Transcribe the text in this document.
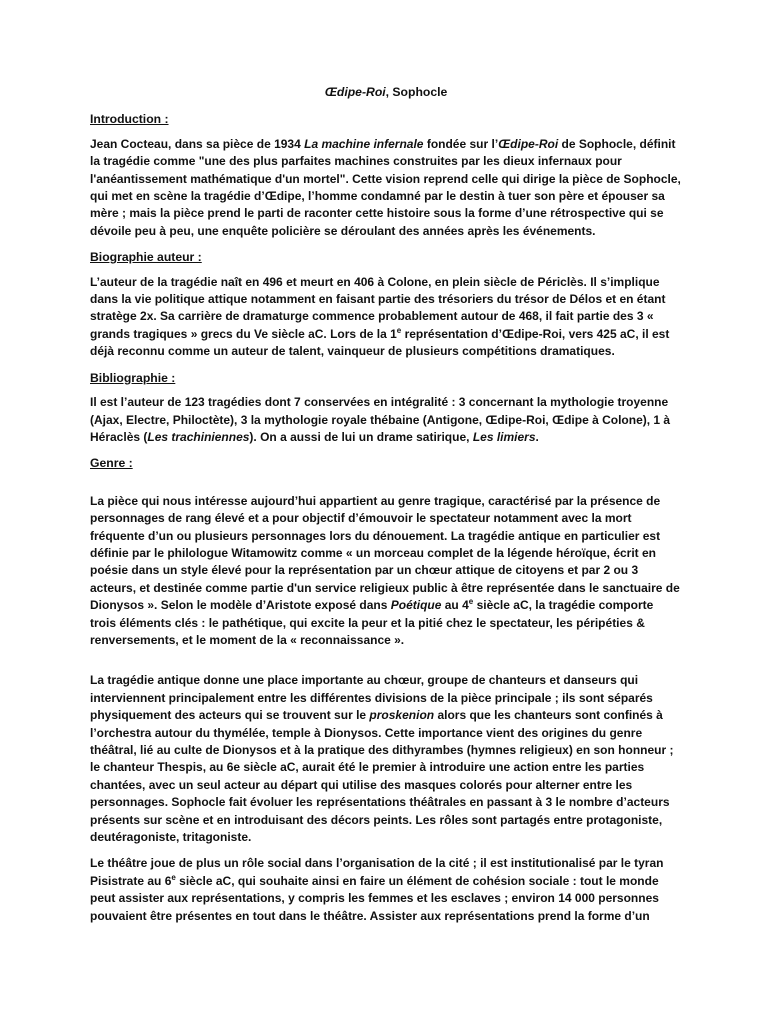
Œdipe-Roi, Sophocle
Introduction :

Jean Cocteau, dans sa pièce de 1934 La machine infernale fondée sur l’Œdipe-Roi de Sophocle, définit la tragédie comme "une des plus parfaites machines construites par les dieux infernaux pour l'anéantissement mathématique d'un mortel". Cette vision reprend celle qui dirige la pièce de Sophocle, qui met en scène la tragédie d’Œdipe, l’homme condamné par le destin à tuer son père et épouser sa mère ; mais la pièce prend le parti de raconter cette histoire sous la forme d’une rétrospective qui se dévoile peu à peu, une enquête policière se déroulant des années après les événements.

Biographie auteur :

L’auteur de la tragédie naît en 496 et meurt en 406 à Colone, en plein siècle de Périclès. Il s’implique dans la vie politique attique notamment en faisant partie des trésoriers du trésor de Délos et en étant stratège 2x. Sa carrière de dramaturge commence probablement autour de 468, il fait partie des 3 « grands tragiques » grecs du Ve siècle aC. Lors de la 1e représentation d’Œdipe-Roi, vers 425 aC, il est déjà reconnu comme un auteur de talent, vainqueur de plusieurs compétitions dramatiques.

Bibliographie :

Il est l’auteur de 123 tragédies dont 7 conservées en intégralité : 3 concernant la mythologie troyenne (Ajax, Electre, Philoctète), 3 la mythologie royale thébaine (Antigone, Œdipe-Roi, Œdipe à Colone), 1 à Héraclès (Les trachiniennes). On a aussi de lui un drame satirique, Les limiers.

Genre :

La pièce qui nous intéresse aujourd’hui appartient au genre tragique, caractérisé par la présence de personnages de rang élevé et a pour objectif d’émouvoir le spectateur notamment avec la mort fréquente d’un ou plusieurs personnages lors du dénouement. La tragédie antique en particulier est définie par le philologue Witamowitz comme « un morceau complet de la légende héroïque, écrit en poésie dans un style élevé pour la représentation par un chœur attique de citoyens et par 2 ou 3 acteurs, et destinée comme partie d'un service religieux public à être représentée dans le sanctuaire de Dionysos ». Selon le modèle d’Aristote exposé dans Poétique au 4e siècle aC, la tragédie comporte trois éléments clés : le pathétique, qui excite la peur et la pitié chez le spectateur, les péripéties & renversements, et le moment de la « reconnaissance ».

La tragédie antique donne une place importante au chœur, groupe de chanteurs et danseurs qui interviennent principalement entre les différentes divisions de la pièce principale ; ils sont séparés physiquement des acteurs qui se trouvent sur le proskenion alors que les chanteurs sont confinés à l’orchestra autour du thymélée, temple à Dionysos. Cette importance vient des origines du genre théâtral, lié au culte de Dionysos et à la pratique des dithyrambes (hymnes religieux) en son honneur ; le chanteur Thespis, au 6e siècle aC, aurait été le premier à introduire une action entre les parties chantées, avec un seul acteur au départ qui utilise des masques colorés pour alterner entre les personnages. Sophocle fait évoluer les représentations théâtrales en passant à 3 le nombre d’acteurs présents sur scène et en introduisant des décors peints. Les rôles sont partagés entre protagoniste, deutéragoniste, tritagoniste.

Le théâtre joue de plus un rôle social dans l’organisation de la cité ; il est institutionalisé par le tyran Pisistrate au 6e siècle aC, qui souhaite ainsi en faire un élément de cohésion sociale : tout le monde peut assister aux représentations, y compris les femmes et les esclaves ; environ 14 000 personnes pouvaient être présentes en tout dans le théâtre. Assister aux représentations prend la forme d’un
